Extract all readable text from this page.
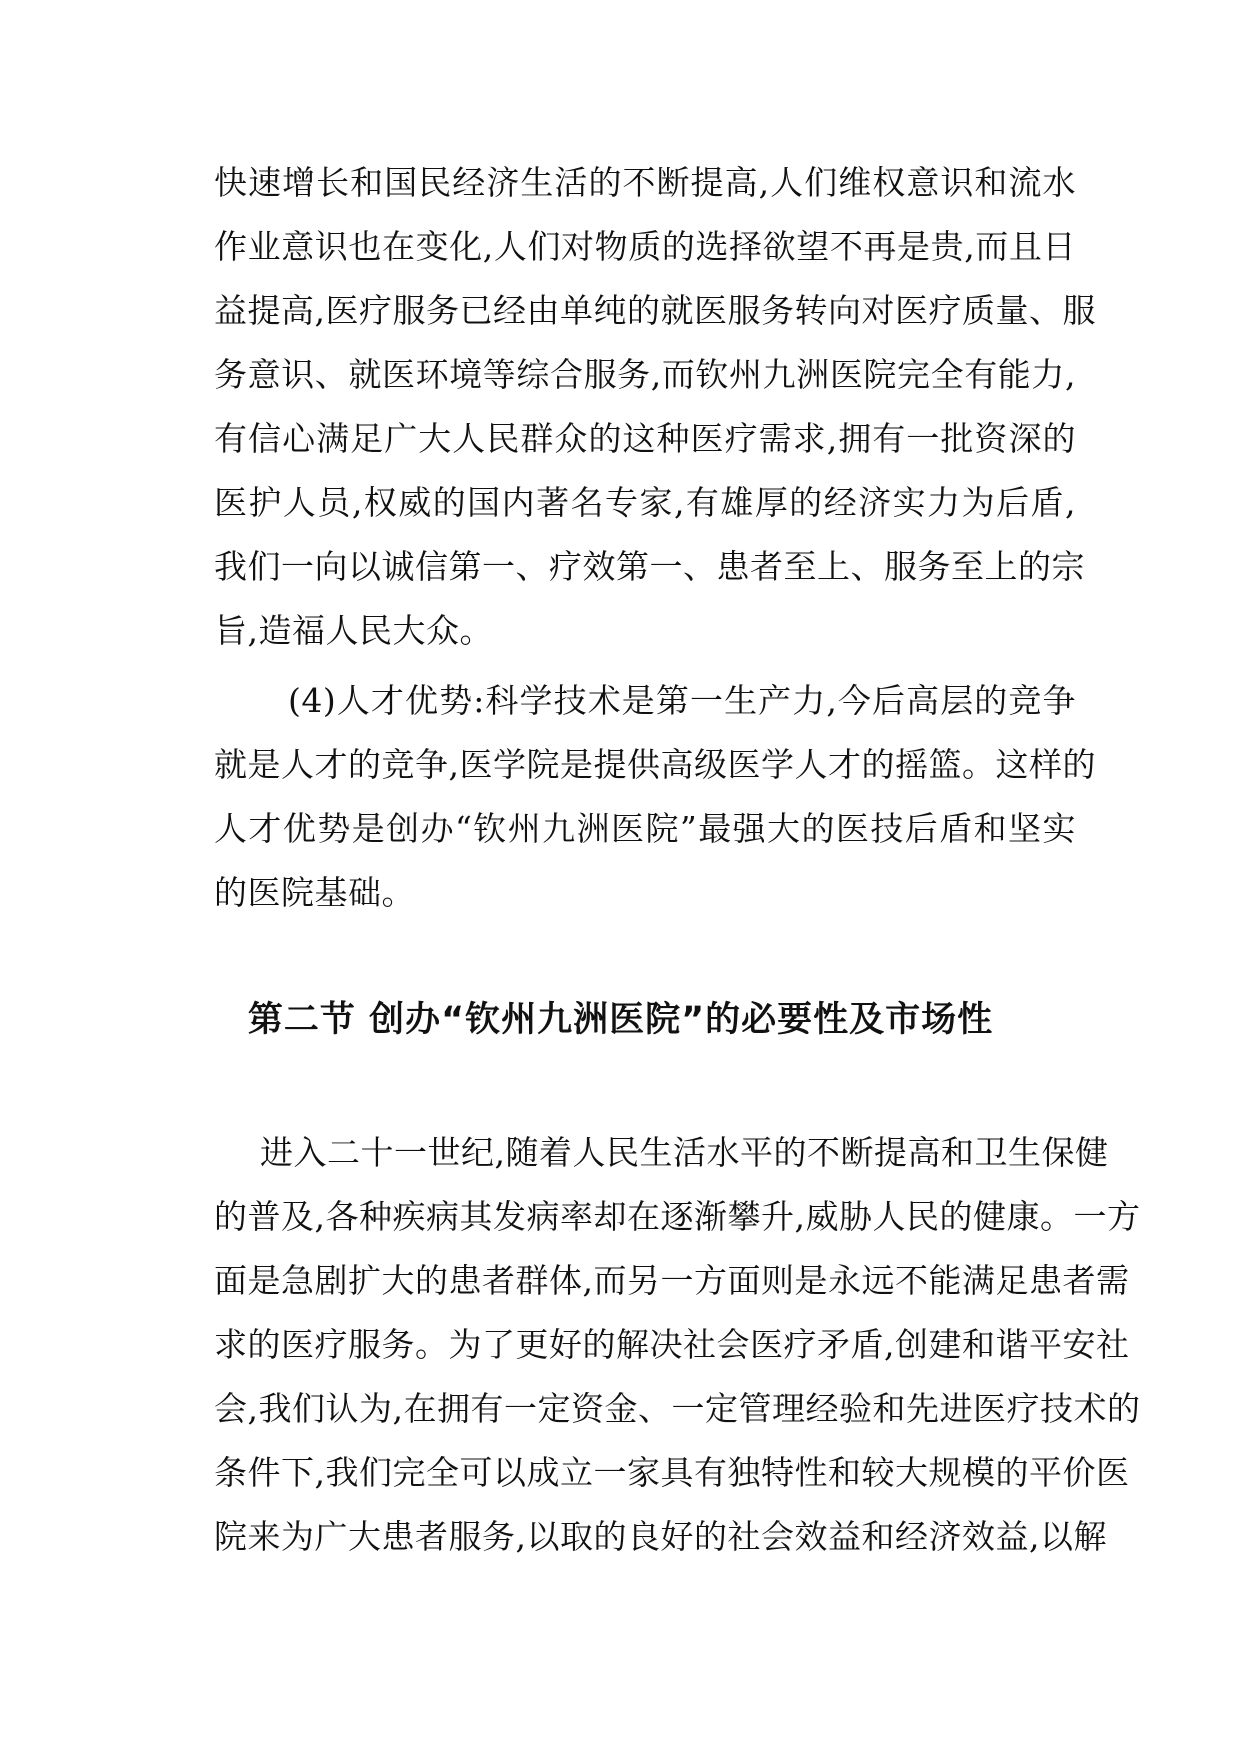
快速增长和国民经济生活的不断提高,人们维权意识和流水
作业意识也在变化,人们对物质的选择欲望不再是贵,而且日
益提高,医疗服务已经由单纯的就医服务转向对医疗质量、服
务意识、就医环境等综合服务,而钦州九洲医院完全有能力,
有信心满足广大人民群众的这种医疗需求,拥有一批资深的
医护人员,权威的国内著名专家,有雄厚的经济实力为后盾,
我们一向以诚信第一、疗效第一、患者至上、服务至上的宗
旨,造福人民大众。
(4)人才优势:科学技术是第一生产力,今后高层的竞争
就是人才的竞争,医学院是提供高级医学人才的摇篮。这样的
人才优势是创办“钦州九洲医院”最强大的医技后盾和坚实
的医院基础。
第二节 创办“钦州九洲医院”的必要性及市场性
进入二十一世纪,随着人民生活水平的不断提高和卫生保健
的普及,各种疾病其发病率却在逐渐攀升,威胁人民的健康。一方
面是急剧扩大的患者群体,而另一方面则是永远不能满足患者需
求的医疗服务。为了更好的解决社会医疗矛盾,创建和谐平安社
会,我们认为,在拥有一定资金、一定管理经验和先进医疗技术的
条件下,我们完全可以成立一家具有独特性和较大规模的平价医
院来为广大患者服务,以取的良好的社会效益和经济效益,以解
